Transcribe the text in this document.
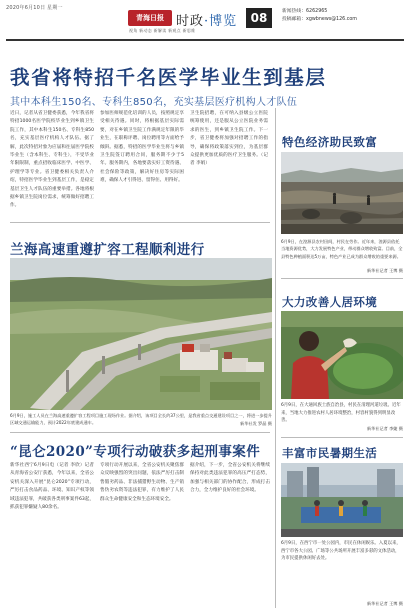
2020年6月10日 星期一
青海日报 时政·博览
视角 新动态 新解读 新观点 新思维
08	新闻热线：6262965
投稿邮箱：xgwbnews@126.com
我省将特招千名医学毕业生到基层
其中本科生150名、专科生850名，充实基层医疗机构人才队伍
近日，记者从省卫健委获悉，今年我省将特招1000名医学院校毕业生到乡镇卫生院工作，其中本科生150名、专科生850名，充实基层医疗机构人才队伍。据了解，此次特招对象为应届和往届医学院校毕业生（含本科生、专科生），不受毕业年限限制，重点招收临床医学、中医学、护理学等专业。省卫健委相关负责人介绍，特招医学毕业生到基层工作，是稳定基层卫生人才队伍的重要举措。各地将根据乡镇卫生院岗位需求，统筹做好招聘工作。
参加医师规范化培训的人员，按照规定享受相关待遇。同时，将根据基层实际需要，对在乡镇卫生院工作满规定年限的毕业生，在职称评聘、岗位聘用等方面给予倾斜。据悉，特招的医学毕业生将与乡镇卫生院签订聘用合同，服务期不少于5年。服务期内，各地要落实好工资待遇、社会保险等政策，解决好住房等实际困难，确保人才引得进、留得住、用得好。
卫生院招聘，在可纳入县级公立医院统筹使用，还是服从公立医院业务需求的医生，到乡镇卫生院工作。下一步，省卫健委将加强对招聘工作的指导，确保将政策落实到位，为基层群众提供更加优质的医疗卫生服务。（记者 李娟）
特色经济助民致富
6月9日，在湟源县农村田间，村民在劳作。近年来，湟源县依托当地资源优势，大力发展特色产业，带动群众增收致富。目前，全县特色种植面积达5万亩，特色产业已成为群众增收的重要来源。
新华社记者 王博 摄
大力改善人居环境
6月9日，在大通回族土族自治县，村民在清理河道垃圾。近年来，当地大力推进农村人居环境整治，村容村貌得到明显改善。
新华社记者 李婕 摄
丰富市民暑期生活
6月9日，在西宁市一处公园内，市民在休闲娱乐。入夏以来，西宁市各大公园、广场等公共场所开展丰富多彩的文体活动，为市民提供休闲好去处。
新华社记者 王博 摄
兰海高速重遵扩容工程顺利进行
6月9日，施工人员在兰海高速重遵扩容工程项目施工现场作业。据介绍，该项目全长约37公里，是我省重点交通建设项目之一，将进一步提升区域交通运输能力，预计2022年底建成通车。	新华社发 罗晶 摄
“昆仑2020”专项行动破获多起刑事案件
新华社西宁6月9日电（记者 李欣）记者从青海省公安厅获悉，今年以来，全省公安机关深入开展“昆仑2020”专项行动，严厉打击食品药品、环境、知识产权等领域违法犯罪，共破获各类刑事案件63起，抓获犯罪嫌疑人80余名。
专项行动开展以来，全省公安机关聚焦群众反映强烈的突出问题，依法严厉打击制售假劣药品、非法捕猎野生动物、生产销售伪劣农资等违法犯罪，有力维护了人民群众生命健康安全和生态环境安全。
据介绍，下一步，全省公安机关将继续保持对此类违法犯罪的高压严打态势，加强与相关部门的协作配合，形成打击合力，全力维护良好的社会环境。
